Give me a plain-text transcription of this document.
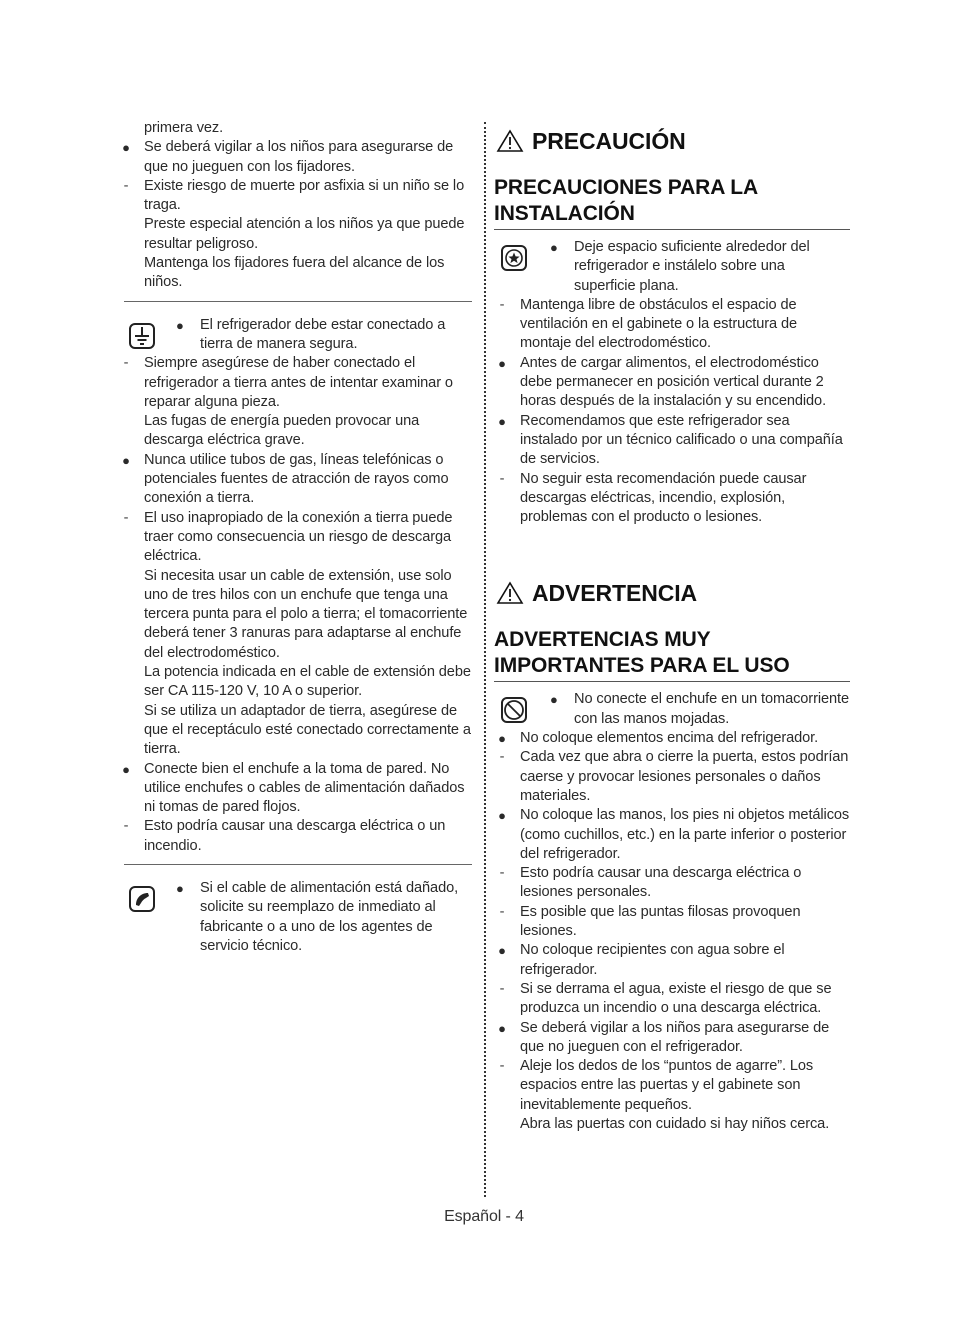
primera vez.
● Se deberá vigilar a los niños para asegurarse de que no jueguen con los fijadores.
-	Existe riesgo de muerte por asfixia si un niño se lo traga.
Preste especial atención a los niños ya que puede resultar peligroso.
Mantenga los fijadores fuera del alcance de los niños.
● El refrigerador debe estar conectado a tierra de manera segura.
-	Siempre asegúrese de haber conectado el refrigerador a tierra antes de intentar examinar o reparar alguna pieza.
Las fugas de energía pueden provocar una descarga eléctrica grave.
● Nunca utilice tubos de gas, líneas telefónicas o potenciales fuentes de atracción de rayos como conexión a tierra.
-	El uso inapropiado de la conexión a tierra puede traer como consecuencia un riesgo de descarga eléctrica.
Si necesita usar un cable de extensión, use solo uno de tres hilos con un enchufe que tenga una tercera punta para el polo a tierra; el tomacorriente deberá tener 3 ranuras para adaptarse al enchufe del electrodoméstico.
La potencia indicada en el cable de extensión debe ser CA 115-120 V, 10 A o superior.
Si se utiliza un adaptador de tierra, asegúrese de que el receptáculo esté conectado correctamente a tierra.
● Conecte bien el enchufe a la toma de pared. No utilice enchufes o cables de alimentación dañados ni tomas de pared flojos.
-	Esto podría causar una descarga eléctrica o un incendio.
● Si el cable de alimentación está dañado, solicite su reemplazo de inmediato al fabricante o a uno de los agentes de servicio técnico.
PRECAUCIÓN
PRECAUCIONES PARA LA INSTALACIÓN
● Deje espacio suficiente alrededor del refrigerador e instálelo sobre una superficie plana.
-	Mantenga libre de obstáculos el espacio de ventilación en el gabinete o la estructura de montaje del electrodoméstico.
● Antes de cargar alimentos, el electrodoméstico debe permanecer en posición vertical durante 2 horas después de la instalación y su encendido.
● Recomendamos que este refrigerador sea instalado por un técnico calificado o una compañía de servicios.
-	No seguir esta recomendación puede causar descargas eléctricas, incendio, explosión, problemas con el producto o lesiones.
ADVERTENCIA
ADVERTENCIAS MUY IMPORTANTES PARA EL USO
● No conecte el enchufe en un tomacorriente con las manos mojadas.
● No coloque elementos encima del refrigerador.
-	Cada vez que abra o cierre la puerta, estos podrían caerse y provocar lesiones personales o daños materiales.
● No coloque las manos, los pies ni objetos metálicos (como cuchillos, etc.) en la parte inferior o posterior del refrigerador.
-	Esto podría causar una descarga eléctrica o lesiones personales.
-	Es posible que las puntas filosas provoquen lesiones.
● No coloque recipientes con agua sobre el refrigerador.
-	Si se derrama el agua, existe el riesgo de que se produzca un incendio o una descarga eléctrica.
● Se deberá vigilar a los niños para asegurarse de que no jueguen con el refrigerador.
-	Aleje los dedos de los “puntos de agarre”. Los espacios entre las puertas y el gabinete son inevitablemente pequeños.
Abra las puertas con cuidado si hay niños cerca.
Español - 4
